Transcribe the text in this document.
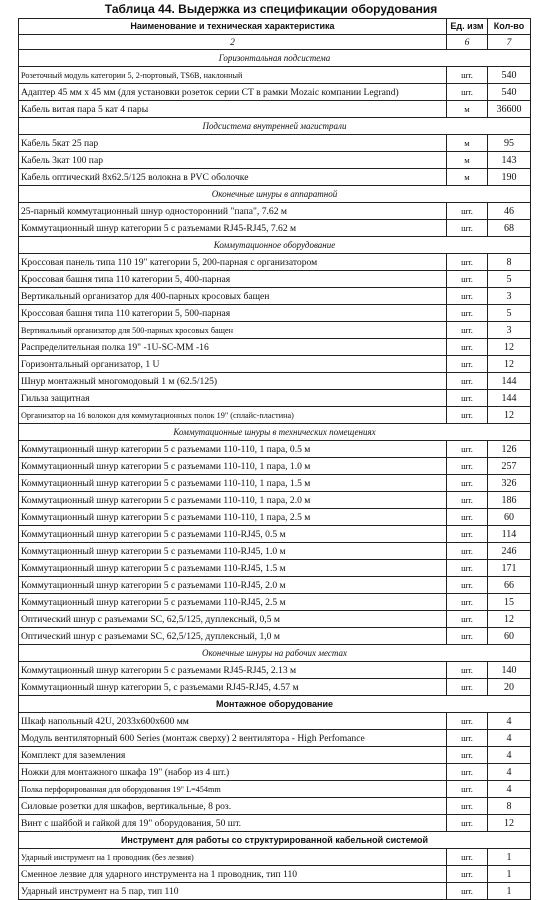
Таблица 44. Выдержка из спецификации оборудования
Наименование и техническая характеристика	Ед. изм	Кол-во
2	6	7
Горизонтальная подсистема		
Розеточный модуль категории 5, 2-портовый, TS6B, наклонный	шт.	540
Адаптер 45 мм х 45 мм (для установки розеток серии CT в рамки Mozaic компании Legrand)	шт.	540
Кабель витая пара 5 кат 4 пары	м	36600
Подсистема внутренней магистрали		
Кабель 5кат 25 пар	м	95
Кабель 3кат 100 пар	м	143
Кабель оптический 8х62.5/125 волокна в PVC оболочке	м	190
Оконечные шнуры в аппаратной		
25-парный коммутационный шнур односторонний "папа", 7.62 м	шт.	46
Коммутационный шнур категории 5 с разъемами RJ45-RJ45, 7.62 м	шт.	68
Коммутационное оборудование		
Кроссовая панель типа 110 19" категории 5, 200-парная с организатором	шт.	8
Кроссовая башня типа 110 категории 5, 400-парная	шт.	5
Вертикальный организатор для 400-парных кросовых бащен	шт.	3
Кроссовая башня типа 110 категории 5, 500-парная	шт.	5
Вертикальный организатор для 500-парных кросовых бащен	шт.	3
Распределительная полка 19" -1U-SC-MM -16	шт.	12
Горизонтальный организатор, 1 U	шт.	12
Шнур монтажный многомодовый 1 м (62.5/125)	шт.	144
Гильза защитная	шт.	144
Организатор на 16 волокон для коммутационных полок 19" (сплайс-пластина)	шт.	12
Коммутационные шнуры в технических помещениях		
Коммутационный шнур категории 5 с разъемами 110-110, 1 пара, 0.5 м	шт.	126
Коммутационный шнур категории 5 с разъемами 110-110, 1 пара, 1.0 м	шт.	257
Коммутационный шнур категории 5 с разъемами 110-110, 1 пара, 1.5 м	шт.	326
Коммутационный шнур категории 5 с разъемами 110-110, 1 пара, 2.0 м	шт.	186
Коммутационный шнур категории 5 с разъемами 110-110, 1 пара, 2.5 м	шт.	60
Коммутационный шнур категории 5 с разъемами 110-RJ45, 0.5 м	шт.	114
Коммутационный шнур категории 5 с разъемами 110-RJ45, 1.0 м	шт.	246
Коммутационный шнур категории 5 с разъемами 110-RJ45, 1.5 м	шт.	171
Коммутационный шнур категории 5 с разъемами 110-RJ45, 2.0 м	шт.	66
Коммутационный шнур категории 5 с разъемами 110-RJ45, 2.5 м	шт.	15
Оптический шнур с разъемами SC, 62,5/125, дуплексный, 0,5 м	шт.	12
Оптический шнур с разъемами SC, 62,5/125, дуплексный, 1,0 м	шт.	60
Оконечные шнуры на рабочих местах		
Коммутационный шнур категории 5 с разъемами RJ45-RJ45, 2.13 м	шт.	140
Коммутационный шнур категории 5, с разъемами RJ45-RJ45, 4.57 м	шт.	20
Монтажное оборудование		
Шкаф напольный 42U, 2033х600х600 мм	шт.	4
Модуль вентиляторный 600 Series (монтаж сверху) 2 вентилятора - High Perfomance	шт.	4
Комплект для заземления	шт.	4
Ножки для монтажного шкафа 19" (набор из 4 шт.)	шт.	4
Полка перфорированная для оборудования 19" L=454mm	шт.	4
Силовые розетки для шкафов, вертикальные, 8 роз.	шт.	8
Винт с шайбой и гайкой для 19" оборудования, 50 шт.	шт.	12
Инструмент для работы со структурированной кабельной системой		
Ударный инструмент на 1 проводник (без лезвия)	шт.	1
Сменное лезвие для ударного инструмента на 1 проводник, тип 110	шт.	1
Ударный инструмент на 5 пар, тип 110	шт.	1
